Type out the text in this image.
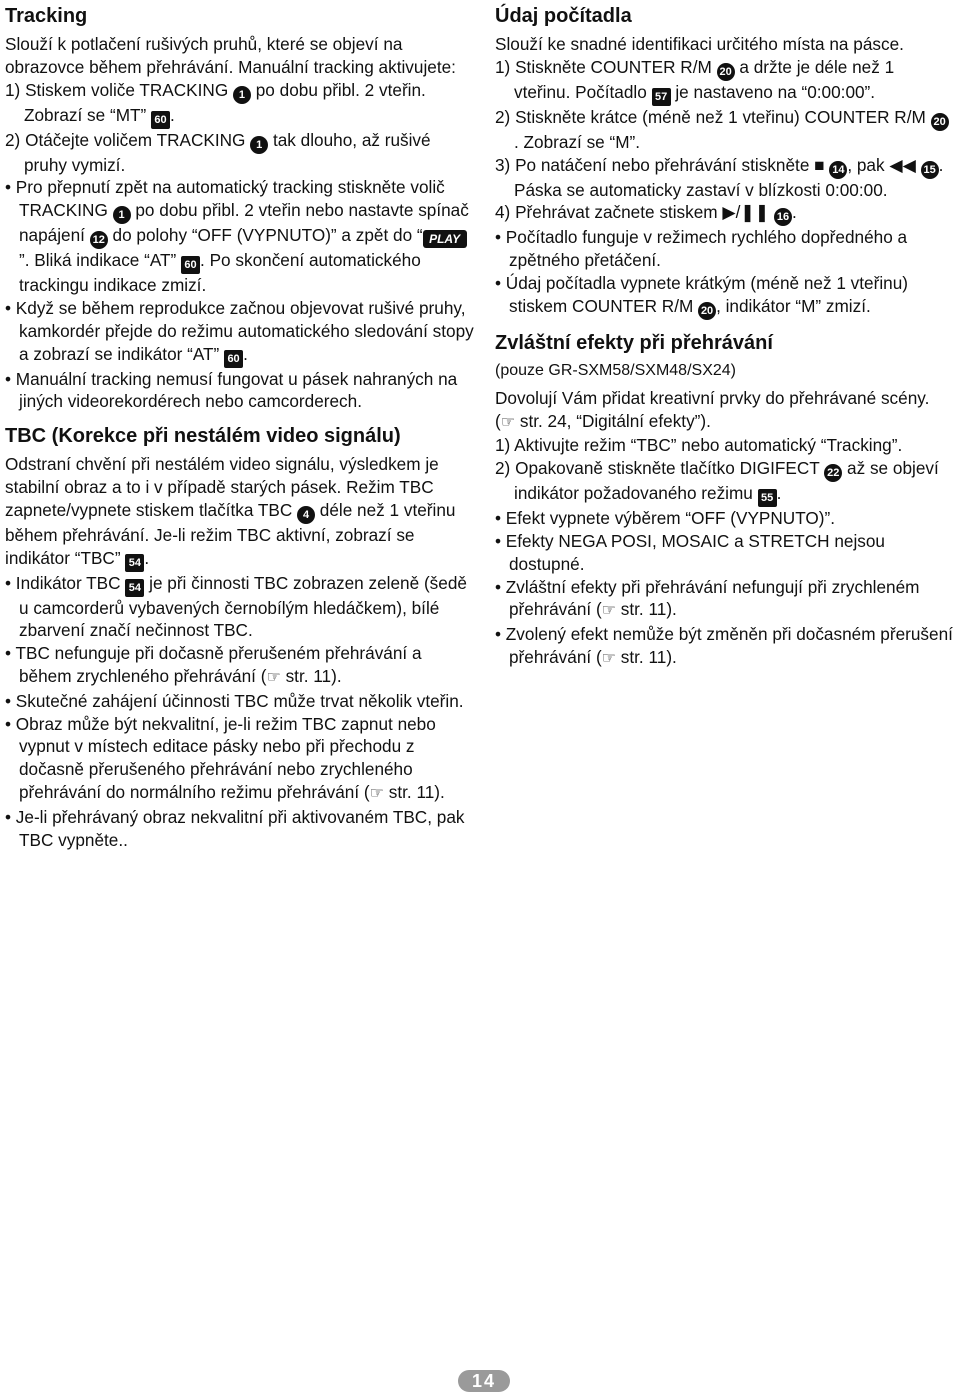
Tracking

Slouží k potlačení rušivých pruhů, které se objeví na obrazovce během přehrávání. Manuální tracking aktivujete:

1) Stiskem voliče TRACKING 1 po dobu přibl. 2 vteřin. Zobrazí se “MT” 60 .

2) Otáčejte voličem TRACKING 1 tak dlouho, až rušivé pruhy vymizí.

• Pro přepnutí zpět na automatický tracking stiskněte volič TRACKING 1 po dobu přibl. 2 vteřin nebo nastavte spínač napájení 12 do polohy “OFF (VYPNUTO)” a zpět do “ PLAY”. Bliká indikace “AT” 60 . Po skončení automatického trackingu indikace zmizí.

• Když se během reprodukce začnou objevovat rušivé pruhy, kamkordér přejde do režimu automatického sledování stopy a zobrazí se indikátor “AT” 60 .

• Manuální tracking nemusí fungovat u pásek nahraných na jiných videorekordérech nebo camcorderech.

TBC (Korekce při nestálém video signálu)

Odstraní chvění při nestálém video signálu, výsledkem je stabilní obraz a to i v případě starých pásek. Režim TBC zapnete/vypnete stiskem tlačítka TBC 4 déle než 1 vteřinu během přehrávání. Je-li režim TBC aktivní, zobrazí se indikátor “TBC” 54 .

• Indikátor TBC 54 je při činnosti TBC zobrazen zeleně (šedě u camcorderů vybavených černobílým hledáčkem), bílé zbarvení značí nečinnost TBC.

• TBC nefunguje při dočasně přerušeném přehrávání a během zrychleného přehrávání (☞ str. 11).

• Skutečné zahájení účinnosti TBC může trvat několik vteřin.

• Obraz může být nekvalitní, je-li režim TBC zapnut nebo vypnut v místech editace pásky nebo při přechodu z dočasně přerušeného přehrávání nebo zrychleného přehrávání do normálního režimu přehrávání (☞ str. 11).

• Je-li přehrávaný obraz nekvalitní při aktivovaném TBC, pak TBC vypněte..

Údaj počítadla

Slouží ke snadné identifikaci určitého místa na pásce.

1) Stiskněte COUNTER R/M 20 a držte je déle než 1 vteřinu. Počítadlo 57 je nastaveno na “0:00:00”.

2) Stiskněte krátce (méně než 1 vteřinu) COUNTER R/M 20. Zobrazí se “M”.

3) Po natáčení nebo přehrávání stiskněte ■ 14 , pak ◀◀ 15 . Páska se automaticky zastaví v blízkosti 0:00:00.

4) Přehrávat začnete stiskem ▶/❚❚ 16 .

• Počítadlo funguje v režimech rychlého dopředného a zpětného přetáčení.

• Údaj počítadla vypnete krátkým (méně než 1 vteřinu) stiskem COUNTER R/M 20 , indikátor “M” zmizí.

Zvláštní efekty při přehrávání

(pouze GR-SXM58/SXM48/SX24)

Dovolují Vám přidat kreativní prvky do přehrávané scény. (☞ str. 24, “Digitální efekty”).

1) Aktivujte režim “TBC” nebo automatický “Tracking”.

2) Opakovaně stiskněte tlačítko DIGIFECT 22 až se objeví indikátor požadovaného režimu 55 .

• Efekt vypnete výběrem “OFF (VYPNUTO)”.

• Efekty NEGA POSI, MOSAIC a STRETCH nejsou dostupné.

• Zvláštní efekty při přehrávání nefungují při zrychleném přehrávání (☞ str. 11).

• Zvolený efekt nemůže být změněn při dočasném přerušení přehrávání (☞ str. 11).

14
